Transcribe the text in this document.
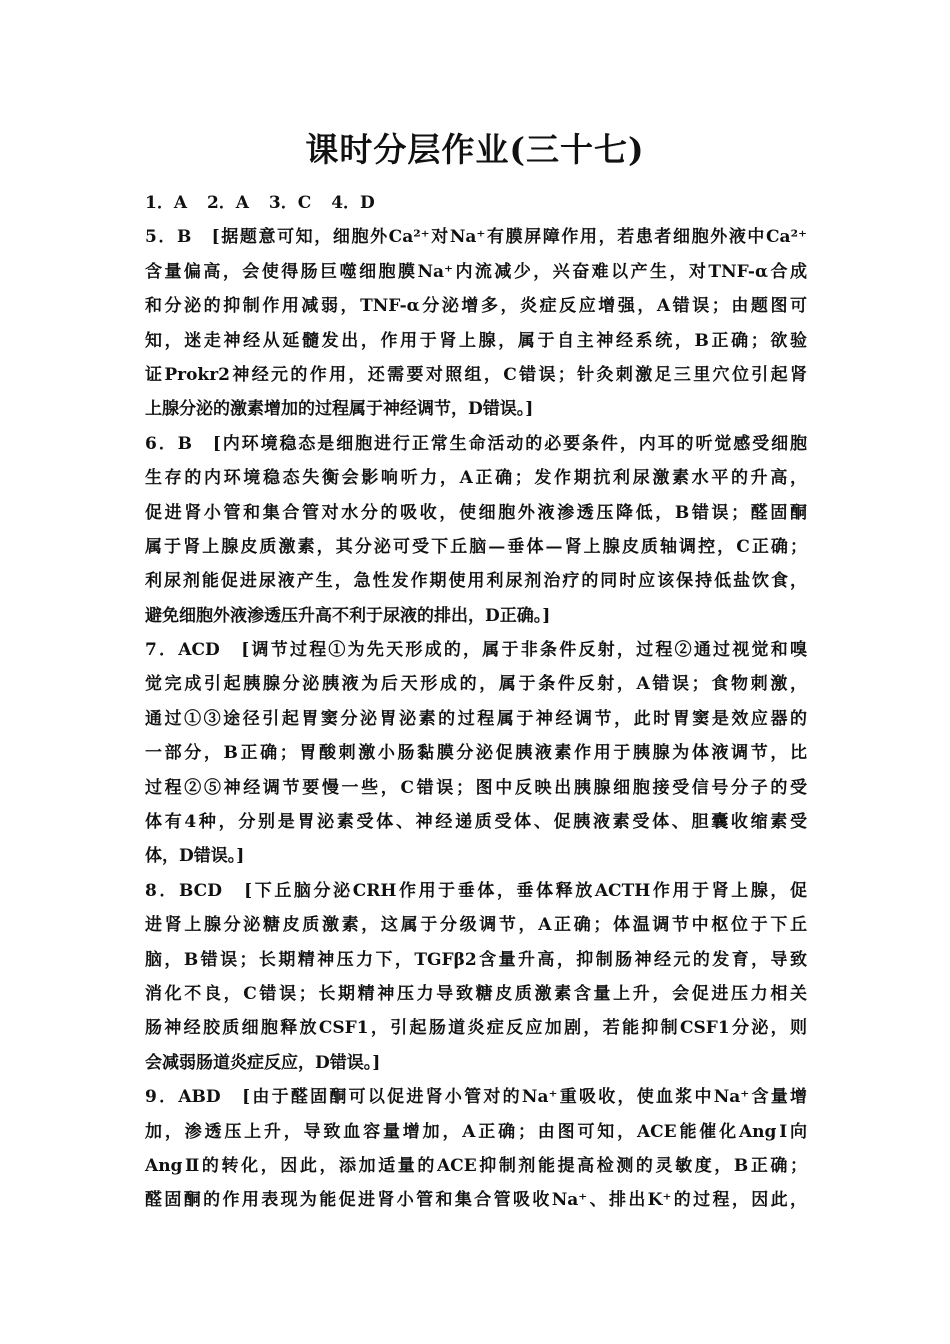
课时分层作业(三十七)
1．A 2．A 3．C 4．D
5．B　[据题意可知，细胞外Ca²⁺对Na⁺有膜屏障作用，若患者细胞外液中Ca²⁺
含量偏高，会使得肠巨噬细胞膜Na⁺内流减少，兴奋难以产生，对TNF-α合成
和分泌的抑制作用减弱，TNF-α分泌增多，炎症反应增强，A错误；由题图可
知，迷走神经从延髓发出，作用于肾上腺，属于自主神经系统，B正确；欲验
证Prokr2神经元的作用，还需要对照组，C错误；针灸刺激足三里穴位引起肾
上腺分泌的激素增加的过程属于神经调节，D错误。]
6．B　[内环境稳态是细胞进行正常生命活动的必要条件，内耳的听觉感受细胞
生存的内环境稳态失衡会影响听力，A正确；发作期抗利尿激素水平的升高，
促进肾小管和集合管对水分的吸收，使细胞外液渗透压降低，B错误；醛固酮
属于肾上腺皮质激素，其分泌可受下丘脑—垂体—肾上腺皮质轴调控，C正确；
利尿剂能促进尿液产生，急性发作期使用利尿剂治疗的同时应该保持低盐饮食，
避免细胞外液渗透压升高不利于尿液的排出，D正确。]
7．ACD　[调节过程①为先天形成的，属于非条件反射，过程②通过视觉和嗅
觉完成引起胰腺分泌胰液为后天形成的，属于条件反射，A错误；食物刺激，
通过①③途径引起胃窦分泌胃泌素的过程属于神经调节，此时胃窦是效应器的
一部分，B正确；胃酸刺激小肠黏膜分泌促胰液素作用于胰腺为体液调节，比
过程②⑤神经调节要慢一些，C错误；图中反映出胰腺细胞接受信号分子的受
体有4种，分别是胃泌素受体、神经递质受体、促胰液素受体、胆囊收缩素受
体，D错误。]
8．BCD　[下丘脑分泌CRH作用于垂体，垂体释放ACTH作用于肾上腺，促
进肾上腺分泌糖皮质激素，这属于分级调节，A正确；体温调节中枢位于下丘
脑，B错误；长期精神压力下，TGFβ2含量升高，抑制肠神经元的发育，导致
消化不良，C错误；长期精神压力导致糖皮质激素含量上升，会促进压力相关
肠神经胶质细胞释放CSF1，引起肠道炎症反应加剧，若能抑制CSF1分泌，则
会减弱肠道炎症反应，D错误。]
9．ABD　[由于醛固酮可以促进肾小管对的Na⁺重吸收，使血浆中Na⁺含量增
加，渗透压上升，导致血容量增加，A正确；由图可知，ACE能催化AngⅠ向
AngⅡ的转化，因此，添加适量的ACE抑制剂能提高检测的灵敏度，B正确；
醛固酮的作用表现为能促进肾小管和集合管吸收Na⁺、排出K⁺的过程，因此，
